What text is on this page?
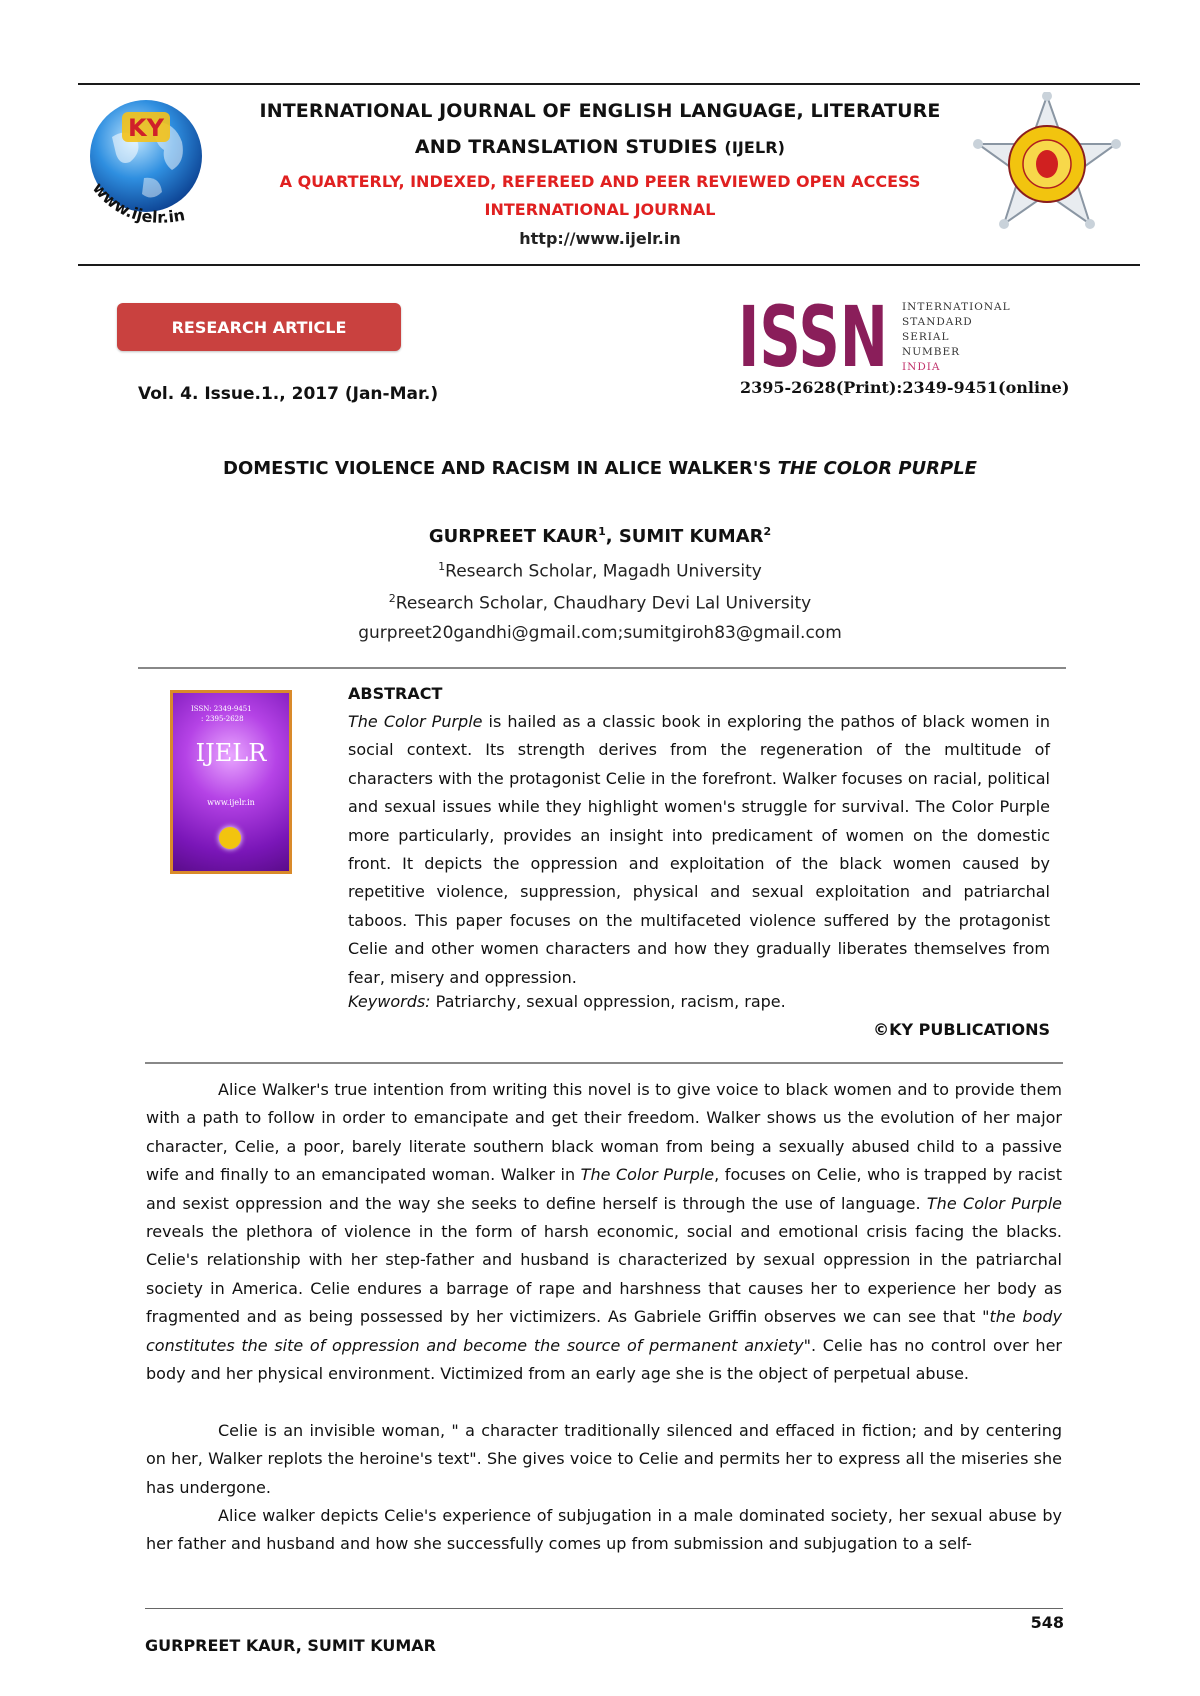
KY
www.ijelr.in
INTERNATIONAL JOURNAL OF ENGLISH LANGUAGE, LITERATURE
AND TRANSLATION STUDIES (IJELR)
A QUARTERLY, INDEXED, REFEREED AND PEER REVIEWED OPEN ACCESS
INTERNATIONAL JOURNAL
http://www.ijelr.in
RESEARCH ARTICLE
Vol. 4. Issue.1., 2017 (Jan-Mar.)
ISSN INTERNATIONAL
STANDARD
SERIAL
NUMBER
INDIA
2395-2628(Print):2349-9451(online)
DOMESTIC VIOLENCE AND RACISM IN ALICE WALKER'S THE COLOR PURPLE
GURPREET KAUR$^1$, SUMIT KUMAR$^2$
$^1$Research Scholar, Magadh University
$^2$Research Scholar, Chaudhary Devi Lal University
gurpreet20gandhi@gmail.com;sumitgiroh83@gmail.com
ISSN: 2349-9451
: 2395-2628
IJELR
www.ijelr.in
ABSTRACT
The Color Purple is hailed as a classic book in exploring the pathos of black women in social context. Its strength derives from the regeneration of the multitude of characters with the protagonist Celie in the forefront. Walker focuses on racial, political and sexual issues while they highlight women's struggle for survival. The Color Purple more particularly, provides an insight into predicament of women on the domestic front. It depicts the oppression and exploitation of the black women caused by repetitive violence, suppression, physical and sexual exploitation and patriarchal taboos. This paper focuses on the multifaceted violence suffered by the protagonist Celie and other women characters and how they gradually liberates themselves from fear, misery and oppression.
Keywords: Patriarchy, sexual oppression, racism, rape.
©KY PUBLICATIONS
Alice Walker's true intention from writing this novel is to give voice to black women and to provide them with a path to follow in order to emancipate and get their freedom. Walker shows us the evolution of her major character, Celie, a poor, barely literate southern black woman from being a sexually abused child to a passive wife and finally to an emancipated woman. Walker in The Color Purple, focuses on Celie, who is trapped by racist and sexist oppression and the way she seeks to define herself is through the use of language. The Color Purple reveals the plethora of violence in the form of harsh economic, social and emotional crisis facing the blacks. Celie's relationship with her step-father and husband is characterized by sexual oppression in the patriarchal society in America. Celie endures a barrage of rape and harshness that causes her to experience her body as fragmented and as being possessed by her victimizers. As Gabriele Griffin observes we can see that "the body constitutes the site of oppression and become the source of permanent anxiety". Celie has no control over her body and her physical environment. Victimized from an early age she is the object of perpetual abuse.
Celie is an invisible woman, " a character traditionally silenced and effaced in fiction; and by centering on her, Walker replots the heroine's text". She gives voice to Celie and permits her to express all the miseries she has undergone.
Alice walker depicts Celie's experience of subjugation in a male dominated society, her sexual abuse by her father and husband and how she successfully comes up from submission and subjugation to a self-
548
GURPREET KAUR, SUMIT KUMAR
